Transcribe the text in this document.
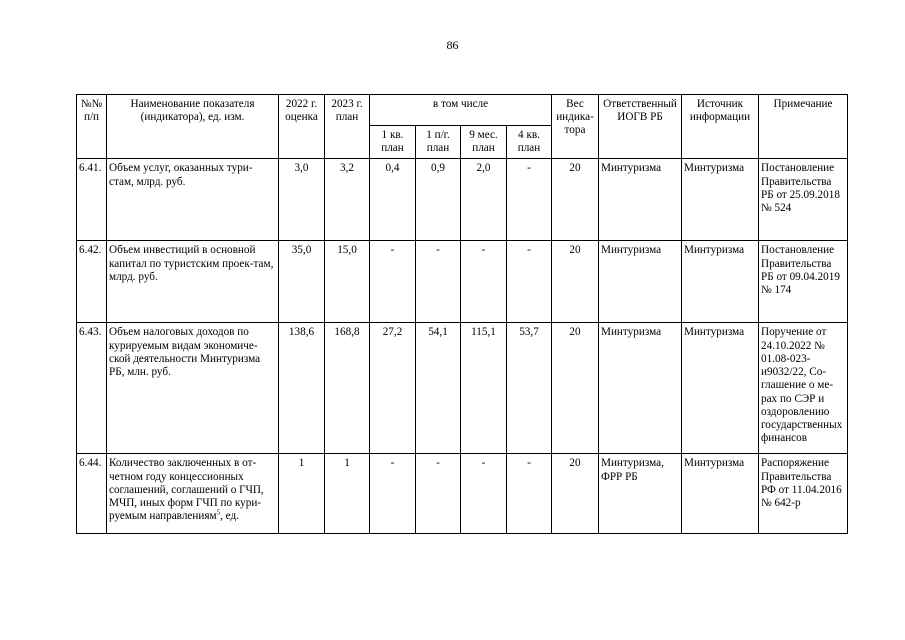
86
№№ п/п	Наименование показателя (индикатора), ед. изм.	2022 г. оценка	2023 г. план	в том числе				Вес индика-тора	Ответственный ИОГВ РБ	Источник информации	Примечание
				1 кв. план	1 п/г. план	9 мес. план	4 кв. план				
6.41.	Объем услуг, оказанных тури-стам, млрд. руб.	3,0	3,2	0,4	0,9	2,0	-	20	Минтуризма	Минтуризма	Постановление Правительства РБ от 25.09.2018 № 524
6.42.	Объем инвестиций в основной капитал по туристским проек-там, млрд. руб.	35,0	15,0	-	-	-	-	20	Минтуризма	Минтуризма	Постановление Правительства РБ от 09.04.2019 № 174
6.43.	Объем налоговых доходов по курируемым видам экономиче-ской деятельности Минтуризма РБ, млн. руб.	138,6	168,8	27,2	54,1	115,1	53,7	20	Минтуризма	Минтуризма	Поручение от 24.10.2022 № 01.08-023-и9032/22, Со-глашение о ме-рах по СЭР и оздоровлению государственных финансов
6.44.	Количество заключенных в от-четном году концессионных соглашений, соглашений о ГЧП, МЧП, иных форм ГЧП по кури-руемым направлениям$^5$, ед.	1	1	-	-	-	-	20	Минтуризма, ФРР РБ	Минтуризма	Распоряжение Правительства РФ от 11.04.2016 № 642-р
